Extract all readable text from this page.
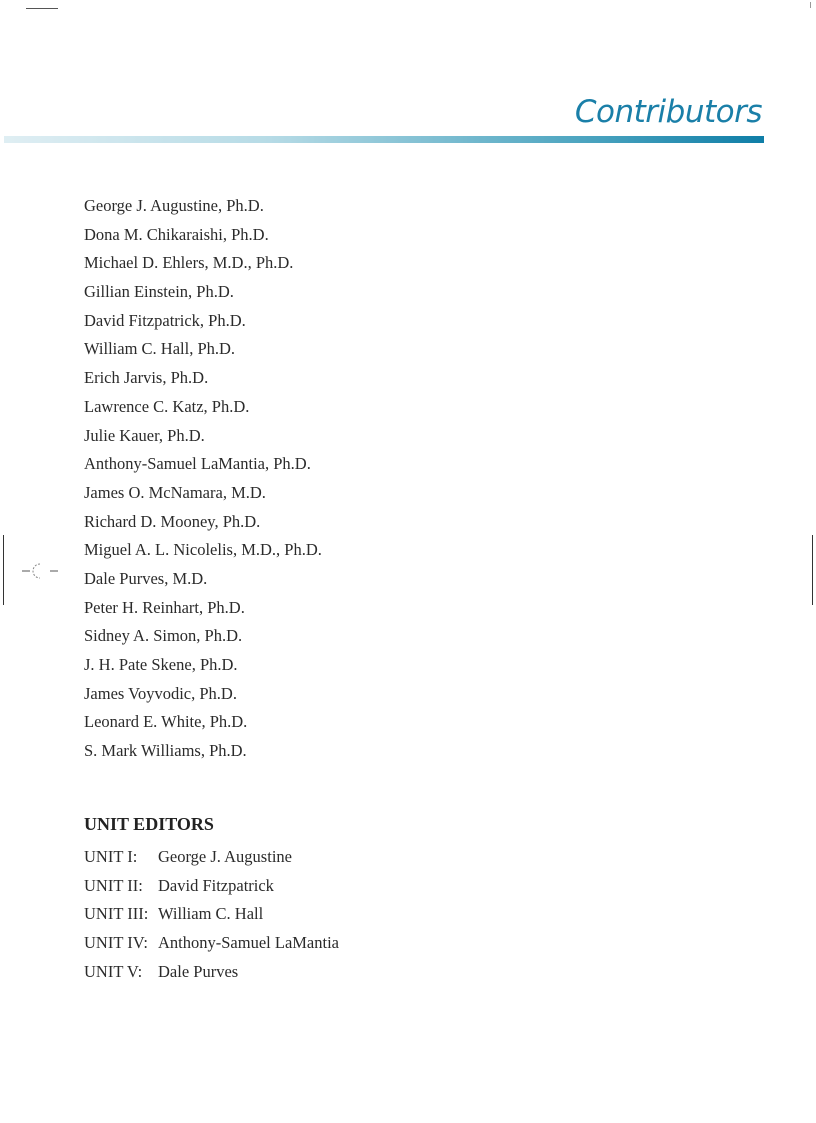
Contributors
George J. Augustine, Ph.D.
Dona M. Chikaraishi, Ph.D.
Michael D. Ehlers, M.D., Ph.D.
Gillian Einstein, Ph.D.
David Fitzpatrick, Ph.D.
William C. Hall, Ph.D.
Erich Jarvis, Ph.D.
Lawrence C. Katz, Ph.D.
Julie Kauer, Ph.D.
Anthony-Samuel LaMantia, Ph.D.
James O. McNamara, M.D.
Richard D. Mooney, Ph.D.
Miguel A. L. Nicolelis, M.D., Ph.D.
Dale Purves, M.D.
Peter H. Reinhart, Ph.D.
Sidney A. Simon, Ph.D.
J. H. Pate Skene, Ph.D.
James Voyvodic, Ph.D.
Leonard E. White, Ph.D.
S. Mark Williams, Ph.D.
UNIT EDITORS
UNIT I: George J. Augustine
UNIT II: David Fitzpatrick
UNIT III: William C. Hall
UNIT IV: Anthony-Samuel LaMantia
UNIT V: Dale Purves
